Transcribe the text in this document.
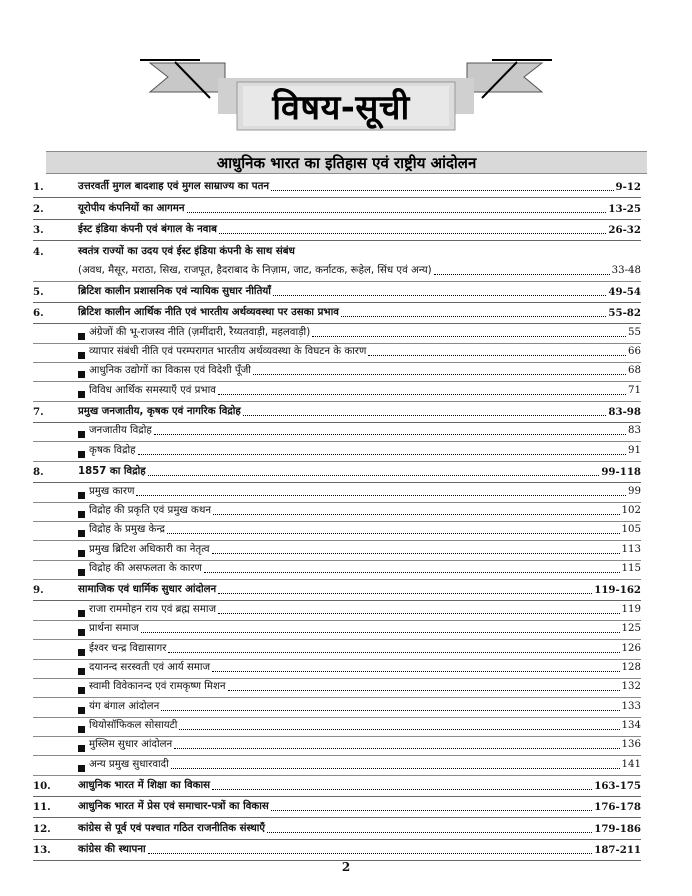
विषय-सूची
आधुनिक भारत का इतिहास एवं राष्ट्रीय आंदोलन
1.	उत्तरवर्ती मुगल बादशाह एवं मुगल साम्राज्य का पतन	9-12
2.	यूरोपीय कंपनियों का आगमन	13-25
3.	ईस्ट इंडिया कंपनी एवं बंगाल के नवाब	26-32
4.	स्वतंत्र राज्यों का उदय एवं ईस्ट इंडिया कंपनी के साथ संबंध
(अवध, मैसूर, मराठा, सिख, राजपूत, हैदराबाद के निज़ाम, जाट, कर्नाटक, रूहेल, सिंध एवं अन्य)	33-48
5.	ब्रिटिश कालीन प्रशासनिक एवं न्यायिक सुधार नीतियाँ	49-54
6.	ब्रिटिश कालीन आर्थिक नीति एवं भारतीय अर्थव्यवस्था पर उसका प्रभाव	55-82
अंग्रेजों की भू-राजस्व नीति (ज़मींदारी, रैय्यतवाड़ी, महलवाड़ी)	55
व्यापार संबंधी नीति एवं परम्परागत भारतीय अर्थव्यवस्था के विघटन के कारण	66
आधुनिक उद्योगों का विकास एवं विदेशी पूँजी	68
विविध आर्थिक समस्याएँ एवं प्रभाव	71
7.	प्रमुख जनजातीय, कृषक एवं नागरिक विद्रोह	83-98
जनजातीय विद्रोह	83
कृषक विद्रोह	91
8.	1857 का विद्रोह	99-118
प्रमुख कारण	99
विद्रोह की प्रकृति एवं प्रमुख कथन	102
विद्रोह के प्रमुख केन्द्र	105
प्रमुख ब्रिटिश अधिकारी का नेतृत्व	113
विद्रोह की असफलता के कारण	115
9.	सामाजिक एवं धार्मिक सुधार आंदोलन	119-162
राजा राममोहन राय एवं ब्रह्म समाज	119
प्रार्थना समाज	125
ईश्वर चन्द्र विद्यासागर	126
दयानन्द सरस्वती एवं आर्य समाज	128
स्वामी विवेकानन्द एवं रामकृष्ण मिशन	132
यंग बंगाल आंदोलन	133
थियोसॉफिकल सोसायटी	134
मुस्लिम सुधार आंदोलन	136
अन्य प्रमुख सुधारवादी	141
10.	आधुनिक भारत में शिक्षा का विकास	163-175
11.	आधुनिक भारत में प्रेस एवं समाचार-पत्रों का विकास	176-178
12.	कांग्रेस से पूर्व एवं पश्चात गठित राजनीतिक संस्थाएँ	179-186
13.	कांग्रेस की स्थापना	187-211
2
